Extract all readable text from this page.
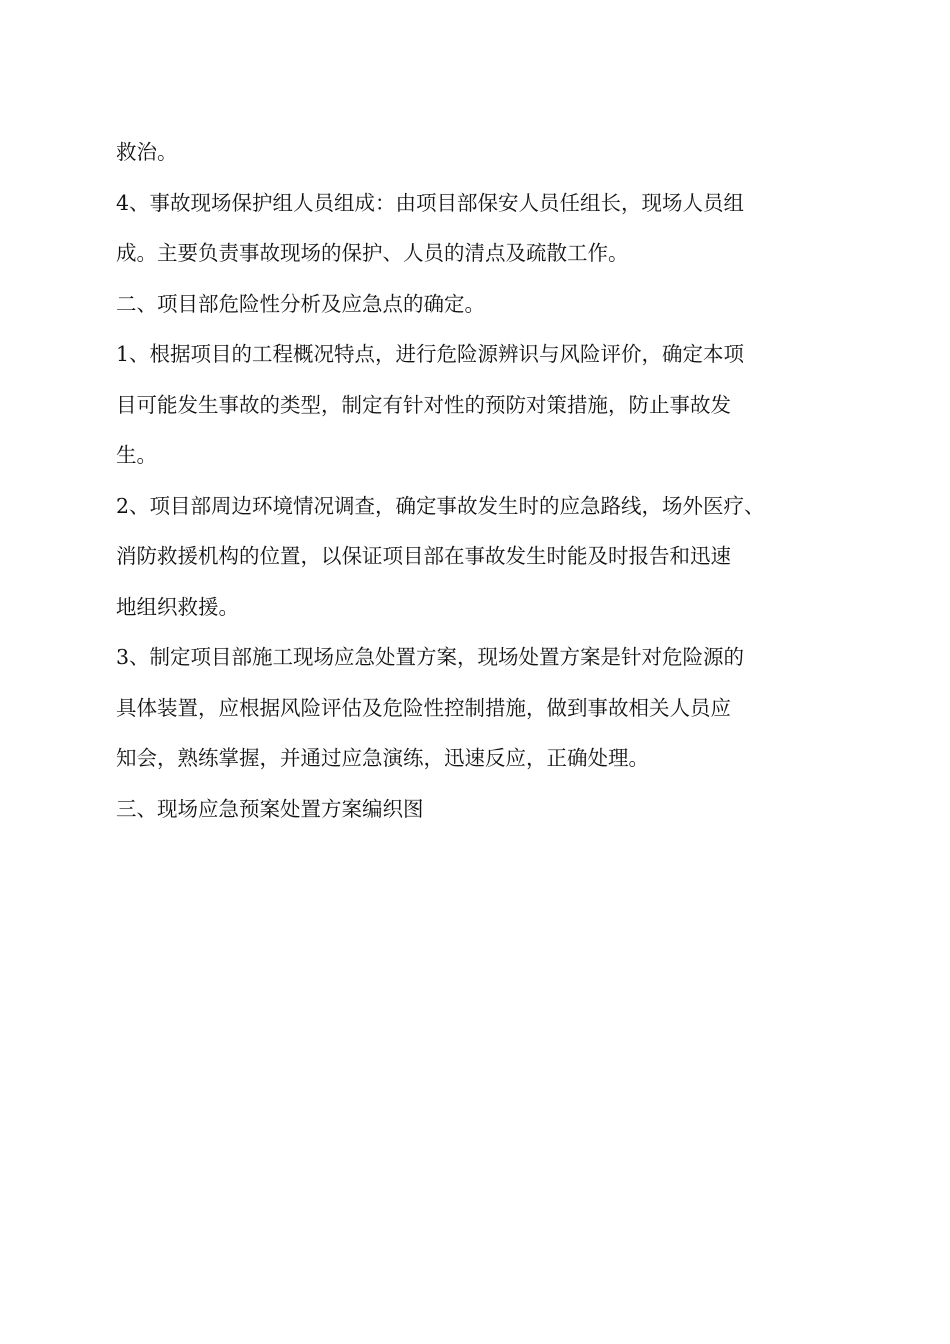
救治。
4、事故现场保护组人员组成：由项目部保安人员任组长，现场人员组
成。主要负责事故现场的保护、人员的清点及疏散工作。
二、项目部危险性分析及应急点的确定。
1、根据项目的工程概况特点，进行危险源辨识与风险评价，确定本项
目可能发生事故的类型，制定有针对性的预防对策措施，防止事故发
生。
2、项目部周边环境情况调查，确定事故发生时的应急路线，场外医疗、
消防救援机构的位置，以保证项目部在事故发生时能及时报告和迅速
地组织救援。
3、制定项目部施工现场应急处置方案，现场处置方案是针对危险源的
具体装置，应根据风险评估及危险性控制措施，做到事故相关人员应
知会，熟练掌握，并通过应急演练，迅速反应，正确处理。
三、现场应急预案处置方案编织图
